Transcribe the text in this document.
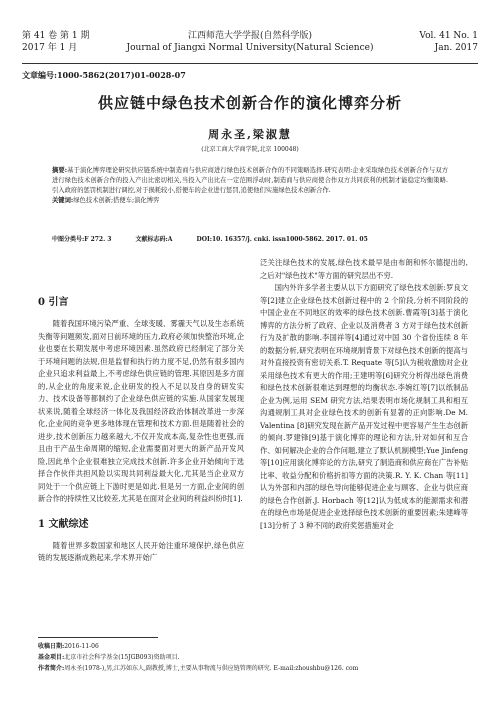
第 41 卷 第 1 期
2017 年 1 月
江西师范大学学报(自然科学版)
Journal of Jiangxi Normal University(Natural Science)
Vol. 41 No. 1
Jan. 2017
文章编号:1000-5862(2017)01-0028-07
供应链中绿色技术创新合作的演化博弈分析
周永圣,梁淑慧
(北京工商大学商学院,北京 100048)
摘要:基于演化博弈理论研究供应链系统中制造商与供应商进行绿色技术创新合作的不同策略选择.研究表明:企业采取绿色技术创新合作与双方进行绿色技术创新合作的投入产出比密切相关,当投入产出比在一定范围浮动时,制造商与供应商使合作双方共同获利的机制才能稳定均衡策略.引入政府的惩罚机制进行调控,对于损耗较小,搭便车的企业进行惩罚,追使他们实施绿色技术创新合作.
关键词:绿色技术创新;搭便车;演化博弈
中图分类号:F 272. 3	文献标志码:A	DOI:10. 16357/j. cnki. issn1000-5862. 2017. 01. 05
0 引言

随着我国环境污染严重、全球变暖、雾霾天气以及生态系统失衡等问题频发,面对日前环境的压力,政府必须加快整治环境,企业也要在长期发展中考虑环境因素.虽然政府已经制定了部分关于环境问题的法规,但是监督和执行的力度不足,仍然有很多国内企业只追求利益最上,不考虑绿色供应链的管理.其原因是多方面的,从企业的角度来说,企业研发的投入不足以及自身的研发实力、技术设备等都制约了企业绿色供应链的实施.从国家发展现状来说,随着全球经济一体化及我国经济政治体制改革进一步深化,企业间的竞争更多地体现在管理和技术方面.但是随着社会的进步,技术创新压力越来越大,不仅开发成本高,复杂性也更强,而且由于产品生命周期的缩短,企业需要面对更大的新产品开发风险,因此单个企业很难独立完成技术创新.许多企业开始倾向于选择合作伙伴共担风险以实现共同利益最大化,尤其是当企业双方同处于一个供应链上下游时更是如此.但是另一方面,企业间的创新合作的持续性又比较差,尤其是在面对企业间的利益纠纷时[1].

1 文献综述

随着世界多数国家和地区人民开始注重环境保护,绿色供应链的发展逐渐成熟起来,学术界开始广

泛关注绿色技术的发展,绿色技术最早是由布朗和怀尔德提出的,之后对"绿色技术"等方面的研究层出不穷.

国内外许多学者主要从以下方面研究了绿色技术创新:罗良文等[2]建立企业绿色技术创新过程中的 2 个阶段,分析不同阶段的中国企业在不同地区的效率的绿色技术创新.曹霞等[3]基于演化博弈的方法分析了政府、企业以及消费者 3 方对于绿色技术创新行为及扩散的影响.李国祥等[4]通过对中国 30 个省份连续 8 年的数据分析,研究表明在环境规制背景下对绿色技术创新的提高与对外直接投资有密切关系.T. Requate 等[5]认为税收激励对企业采用绿色技术有更大的作用;王建明等[6]研究分析得出绿色消费和绿色技术创新很难达到理想的均衡状态.李婉红等[7]以纸制品企业为例,运用 SEM 研究方法,结果表明市场化规制工具和相互沟通规制工具对企业绿色技术的创新有显著的正向影响.De M. Valentina [8]研究发现在新产品开发过程中更容易产生生态创新的倾向.罗建锋[9]基于演化博弈的理论和方法,针对如何和互合作、如何解决企业的合作问题,建立了默认机制模型;Yue Jinfeng 等[10]应用演化博弈论的方法,研究了制造商和供应商在广告补贴比率、收益分配和价格折扣等方面的决策.R. Y. K. Chan 等[11]认为外部和内部的绿色导向能够促进企业与顾客、企业与供应商的绿色合作创新.J. Horbach 等[12]认为低成本的能源需求和潜在的绿色市场是促进企业选择绿色技术创新的重要因素;朱建峰等[13]分析了 3 种不同的政府奖惩措施对企

收稿日期:2016-11-06
基金项目:北京市社会科学基金(15JGB093)资助项目.
作者简介:周永圣(1978-),男,江苏如东人,副教授,博士,主要从事物流与供应链管理的研究. E-mail:zhoushbu@126. com
